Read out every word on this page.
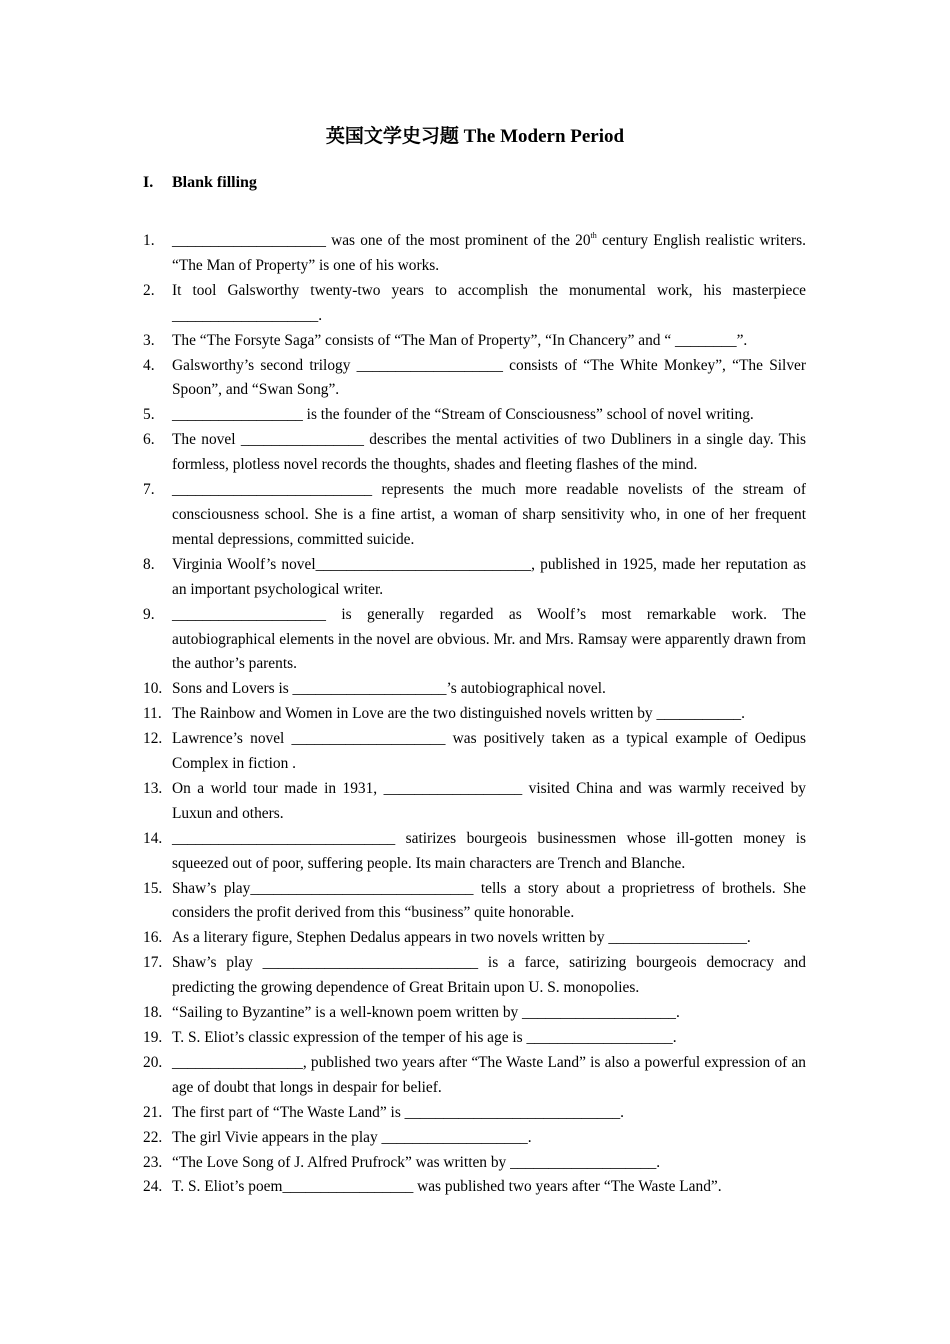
英国文学史习题 The Modern Period
I. Blank filling
1. ____________________ was one of the most prominent of the 20th century English realistic writers. “The Man of Property” is one of his works.
2. It tool Galsworthy twenty-two years to accomplish the monumental work, his masterpiece ___________________.
3. The “The Forsyte Saga” consists of “The Man of Property”, “In Chancery” and “ ________”.
4. Galsworthy’s second trilogy ___________________ consists of “The White Monkey”, “The Silver Spoon”, and “Swan Song”.
5. _________________ is the founder of the “Stream of Consciousness” school of novel writing.
6. The novel ________________ describes the mental activities of two Dubliners in a single day. This formless, plotless novel records the thoughts, shades and fleeting flashes of the mind.
7. __________________________ represents the much more readable novelists of the stream of consciousness school. She is a fine artist, a woman of sharp sensitivity who, in one of her frequent mental depressions, committed suicide.
8. Virginia Woolf’s novel____________________________, published in 1925, made her reputation as an important psychological writer.
9. ____________________ is generally regarded as Woolf’s most remarkable work. The autobiographical elements in the novel are obvious. Mr. and Mrs. Ramsay were apparently drawn from the author’s parents.
10. Sons and Lovers is ____________________’s autobiographical novel.
11. The Rainbow and Women in Love are the two distinguished novels written by ___________.
12. Lawrence’s novel ____________________ was positively taken as a typical example of Oedipus Complex in fiction .
13. On a world tour made in 1931, __________________ visited China and was warmly received by Luxun and others.
14. _____________________________ satirizes bourgeois businessmen whose ill-gotten money is squeezed out of poor, suffering people. Its main characters are Trench and Blanche.
15. Shaw’s play_____________________________ tells a story about a proprietress of brothels. She considers the profit derived from this “business” quite honorable.
16. As a literary figure, Stephen Dedalus appears in two novels written by __________________.
17. Shaw’s play ____________________________ is a farce, satirizing bourgeois democracy and predicting the growing dependence of Great Britain upon U. S. monopolies.
18. “Sailing to Byzantine” is a well-known poem written by ____________________.
19. T. S. Eliot’s classic expression of the temper of his age is ___________________.
20. _________________, published two years after “The Waste Land” is also a powerful expression of an age of doubt that longs in despair for belief.
21. The first part of “The Waste Land” is ____________________________.
22. The girl Vivie appears in the play ___________________.
23. “The Love Song of J. Alfred Prufrock” was written by ___________________.
24. T. S. Eliot’s poem_________________ was published two years after “The Waste Land”.
